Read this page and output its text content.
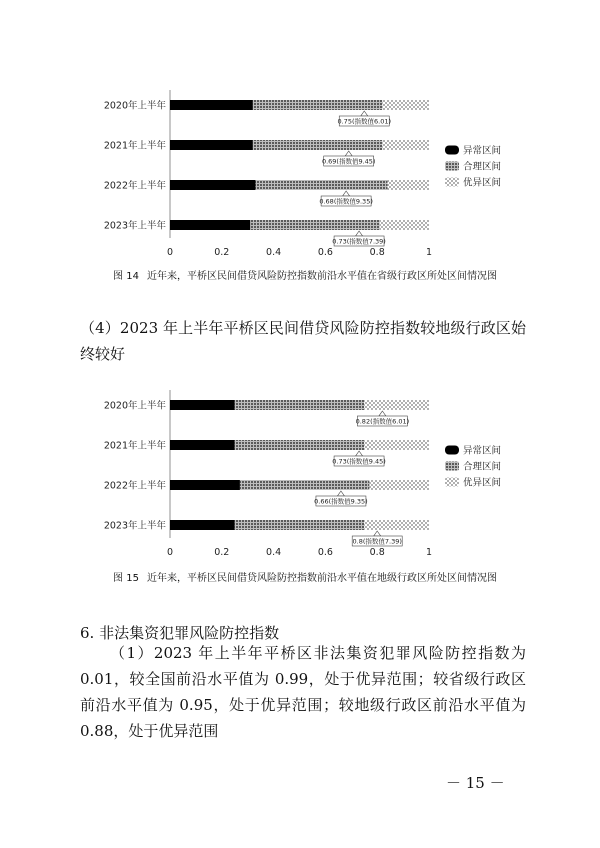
2020年上半年
0.75(指数值6.01)
2021年上半年
0.69(指数值9.45)
2022年上半年
0.68(指数值9.35)
2023年上半年
0.73(指数值7.39)
0	0.2	0.4	0.6	0.8	1
异常区间
合理区间
优异区间
图 14 近年来，平桥区民间借贷风险防控指数前沿水平值在省级行政区所处区间情况图

（4）2023 年上半年平桥区民间借贷风险防控指数较地级行政区始终较好

2020年上半年
0.82(指数值6.01)
2021年上半年
0.73(指数值9.45)
2022年上半年
0.66(指数值9.35)
2023年上半年
0.8(指数值7.39)
0	0.2	0.4	0.6	0.8	1
异常区间
合理区间
优异区间
图 15 近年来，平桥区民间借贷风险防控指数前沿水平值在地级行政区所处区间情况图

6. 非法集资犯罪风险防控指数

（1）2023 年上半年平桥区非法集资犯罪风险防控指数为 0.01，较全国前沿水平值为 0.99，处于优异范围；较省级行政区前沿水平值为 0.95，处于优异范围；较地级行政区前沿水平值为 0.88，处于优异范围

－ 15 －
